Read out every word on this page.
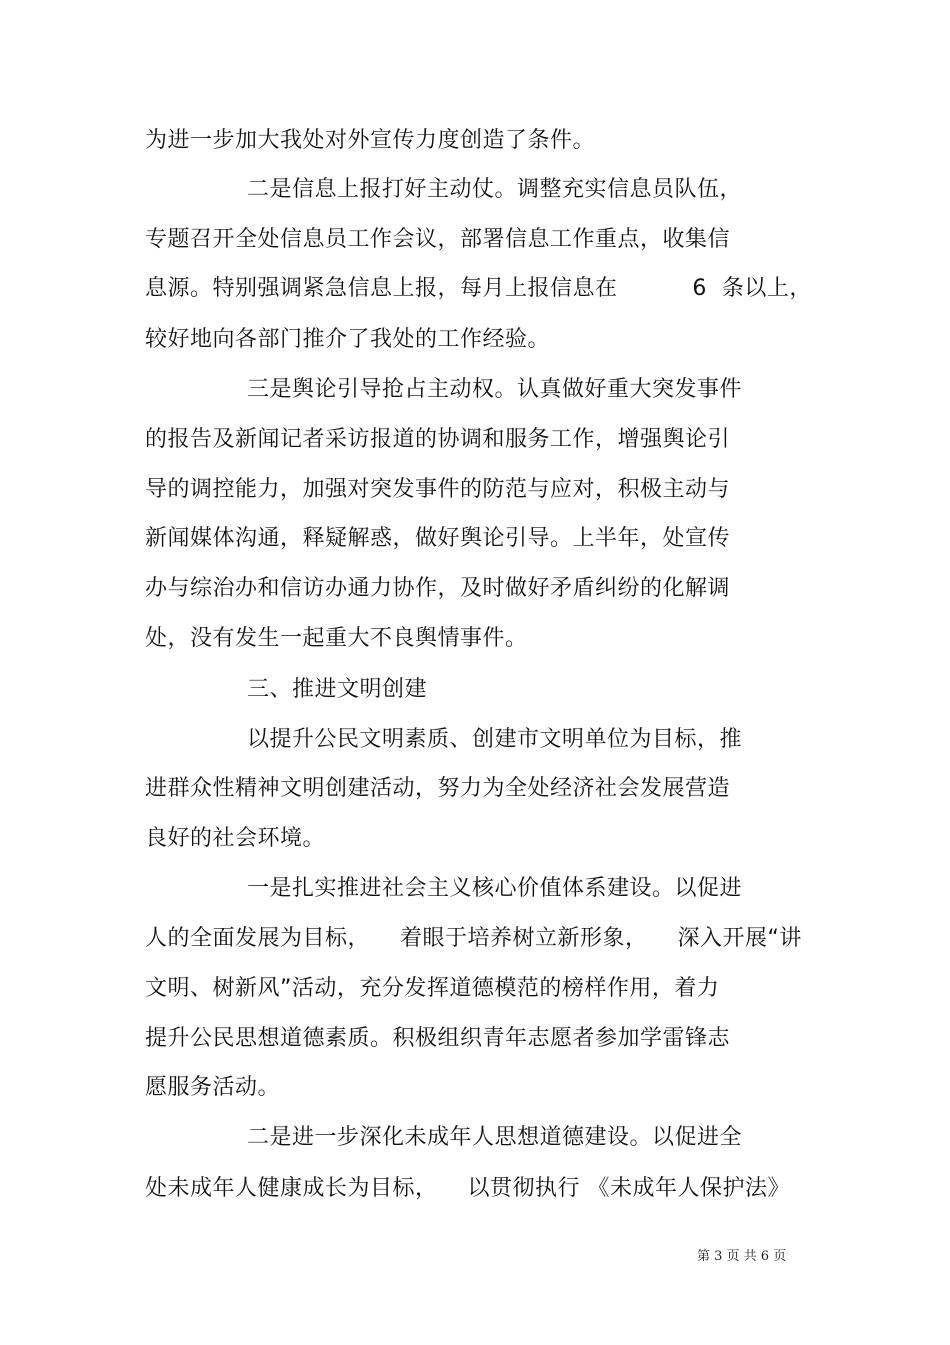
为进一步加大我处对外宣传力度创造了条件。
二是信息上报打好主动仗。调整充实信息员队伍，
专题召开全处信息员工作会议，部署信息工作重点，收集信
息源。特别强调紧急信息上报，每月上报信息在          6  条以上，
较好地向各部门推介了我处的工作经验。
三是舆论引导抢占主动权。认真做好重大突发事件
的报告及新闻记者采访报道的协调和服务工作，增强舆论引
导的调控能力，加强对突发事件的防范与应对，积极主动与
新闻媒体沟通，释疑解惑，做好舆论引导。上半年，处宣传
办与综治办和信访办通力协作，及时做好矛盾纠纷的化解调
处，没有发生一起重大不良舆情事件。
三、推进文明创建
以提升公民文明素质、创建市文明单位为目标，推
进群众性精神文明创建活动，努力为全处经济社会发展营造
良好的社会环境。
一是扎实推进社会主义核心价值体系建设。以促进
人的全面发展为目标，    着眼于培养树立新形象，    深入开展“讲
文明、树新风”活动，充分发挥道德模范的榜样作用，着力
提升公民思想道德素质。积极组织青年志愿者参加学雷锋志
愿服务活动。
二是进一步深化未成年人思想道德建设。以促进全
处未成年人健康成长为目标，    以贯彻执行 《未成年人保护法》
第 3 页 共 6 页
